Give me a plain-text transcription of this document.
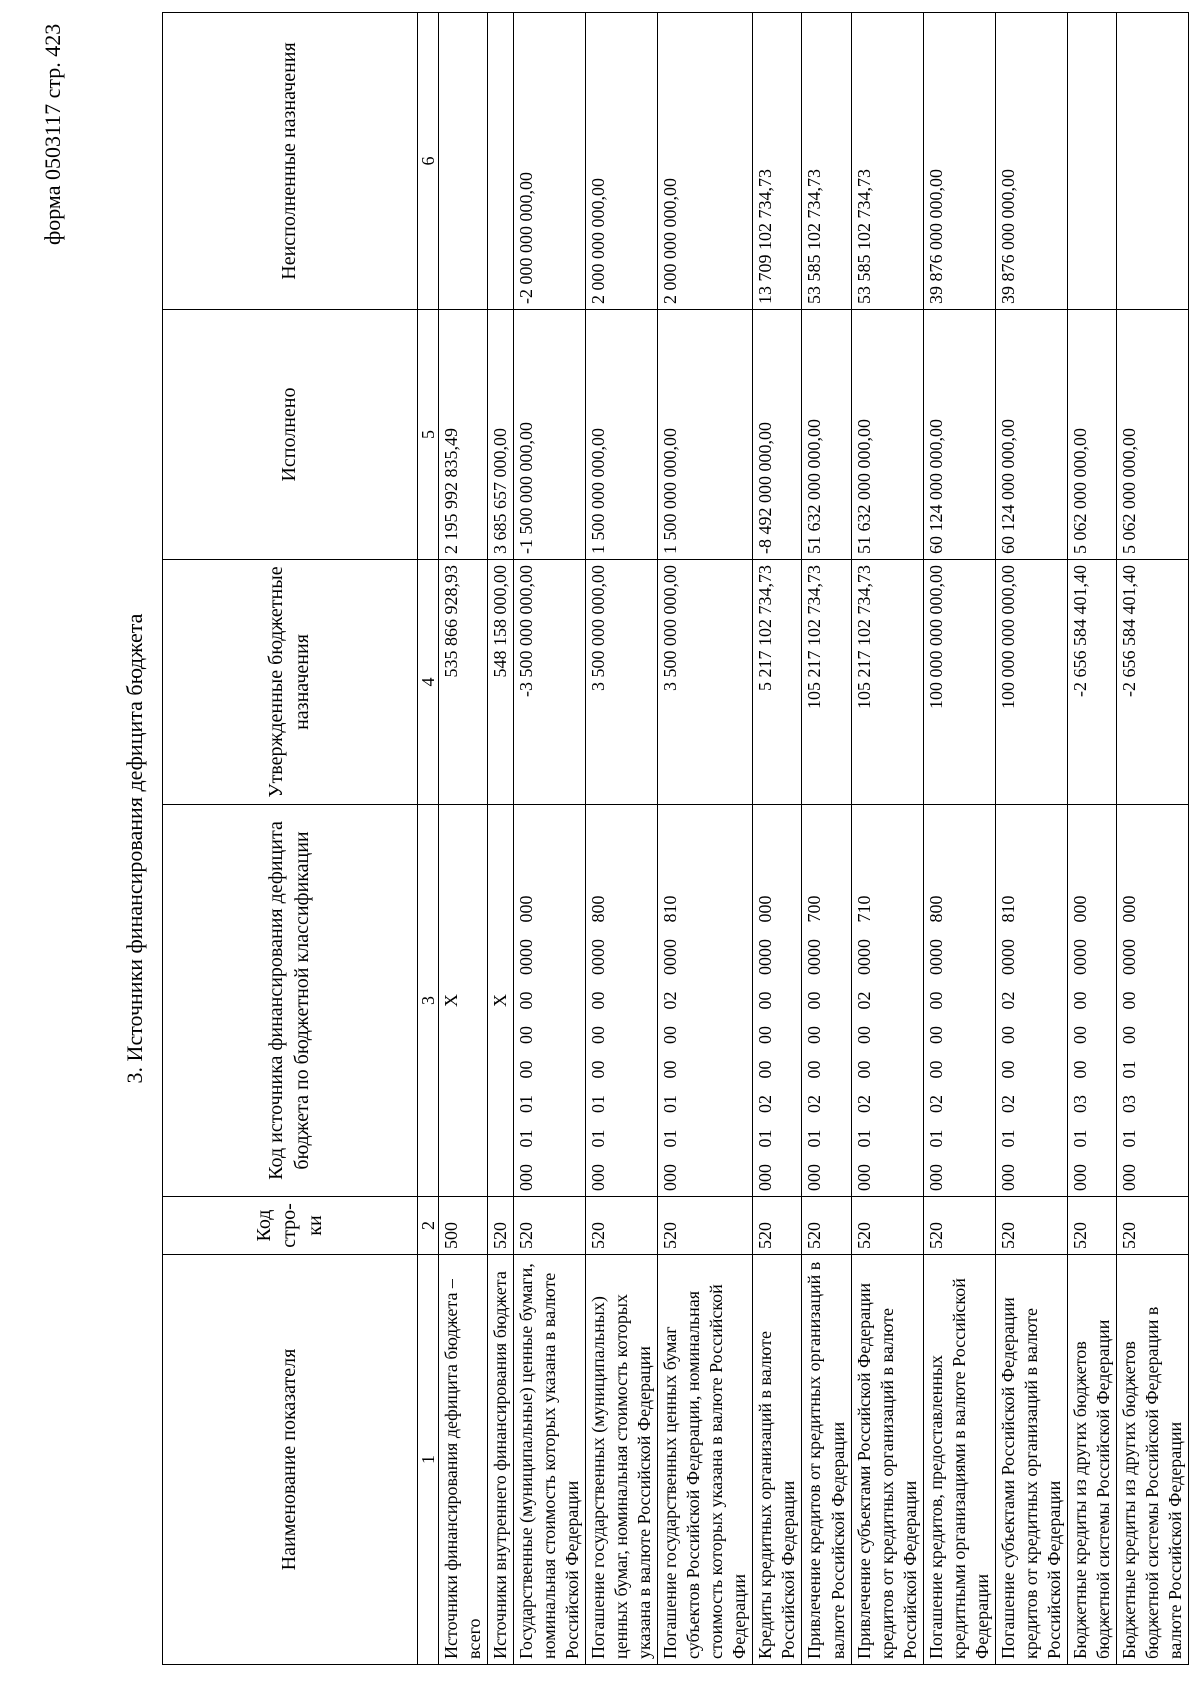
форма 0503117 стр. 423
3. Источники финансирования дефицита бюджета
Наименование показателя	Код стро-ки	Код источника финансирования дефицита бюджета по бюджетной классификации	Утвержденные бюджетные назначения	Исполнено	Неисполненные назначения
1	2	3	4	5	6
Источники финансирования дефицита бюджета – всего	500	X	535 866 928,93	2 195 992 835,49	
Источники внутреннего финансирования бюджета	520	X	548 158 000,00	3 685 657 000,00	
Государственные (муниципальные) ценные бумаги, номинальная стоимость которых указана в валюте Российской Федерации	520	000 01 01 00 00 00 0000 000	-3 500 000 000,00	-1 500 000 000,00	-2 000 000 000,00
Погашение государственных (муниципальных) ценных бумаг, номинальная стоимость которых указана в валюте Российской Федерации	520	000 01 01 00 00 00 0000 800	3 500 000 000,00	1 500 000 000,00	2 000 000 000,00
Погашение государственных ценных бумаг субъектов Российской Федерации, номинальная стоимость которых указана в валюте Российской Федерации	520	000 01 01 00 00 02 0000 810	3 500 000 000,00	1 500 000 000,00	2 000 000 000,00
Кредиты кредитных организаций в валюте Российской Федерации	520	000 01 02 00 00 00 0000 000	5 217 102 734,73	-8 492 000 000,00	13 709 102 734,73
Привлечение кредитов от кредитных организаций в валюте Российской Федерации	520	000 01 02 00 00 00 0000 700	105 217 102 734,73	51 632 000 000,00	53 585 102 734,73
Привлечение субъектами Российской Федерации кредитов от кредитных организаций в валюте Российской Федерации	520	000 01 02 00 00 02 0000 710	105 217 102 734,73	51 632 000 000,00	53 585 102 734,73
Погашение кредитов, предоставленных кредитными организациями в валюте Российской Федерации	520	000 01 02 00 00 00 0000 800	100 000 000 000,00	60 124 000 000,00	39 876 000 000,00
Погашение субъектами Российской Федерации кредитов от кредитных организаций в валюте Российской Федерации	520	000 01 02 00 00 02 0000 810	100 000 000 000,00	60 124 000 000,00	39 876 000 000,00
Бюджетные кредиты из других бюджетов бюджетной системы Российской Федерации	520	000 01 03 00 00 00 0000 000	-2 656 584 401,40	5 062 000 000,00	
Бюджетные кредиты из других бюджетов бюджетной системы Российской Федерации в валюте Российской Федерации	520	000 01 03 01 00 00 0000 000	-2 656 584 401,40	5 062 000 000,00	
